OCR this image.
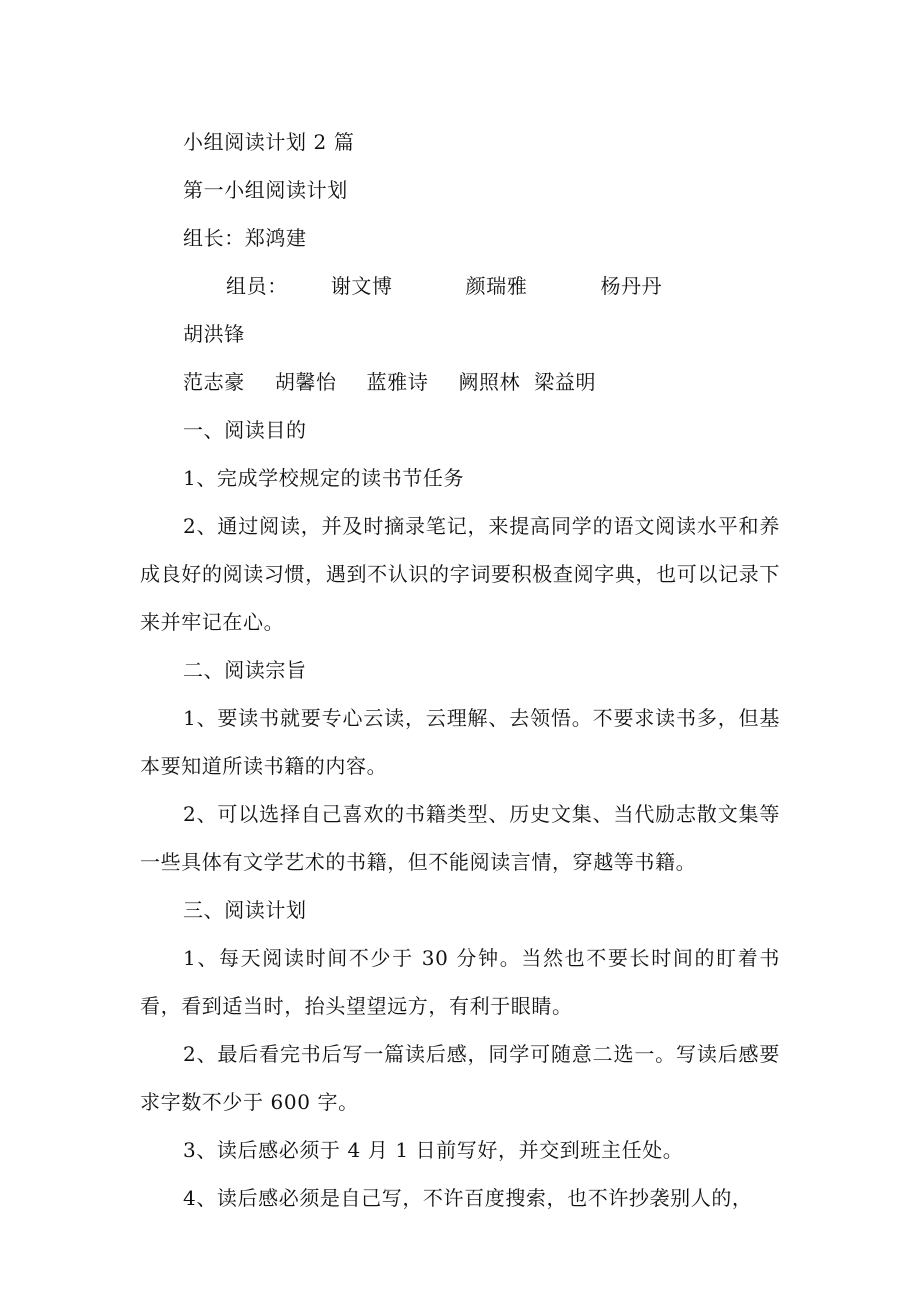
小组阅读计划 2 篇

第一小组阅读计划

组长：郑鸿建

组员： 谢文博	颜瑞雅	杨丹丹胡洪锋

范志豪 胡馨怡 蓝雅诗 阙照林 梁益明

一、阅读目的

1、完成学校规定的读书节任务

2、通过阅读，并及时摘录笔记，来提高同学的语文阅读水平和养成良好的阅读习惯，遇到不认识的字词要积极查阅字典，也可以记录下来并牢记在心。

二、阅读宗旨

1、要读书就要专心云读，云理解、去领悟。不要求读书多，但基本要知道所读书籍的内容。

2、可以选择自己喜欢的书籍类型、历史文集、当代励志散文集等一些具体有文学艺术的书籍，但不能阅读言情，穿越等书籍。

三、阅读计划

1、每天阅读时间不少于 30 分钟。当然也不要长时间的盯着书看，看到适当时，抬头望望远方，有利于眼睛。

2、最后看完书后写一篇读后感，同学可随意二选一。写读后感要求字数不少于 600 字。

3、读后感必须于 4 月 1 日前写好，并交到班主任处。

4、读后感必须是自己写，不许百度搜索，也不许抄袭别人的，
